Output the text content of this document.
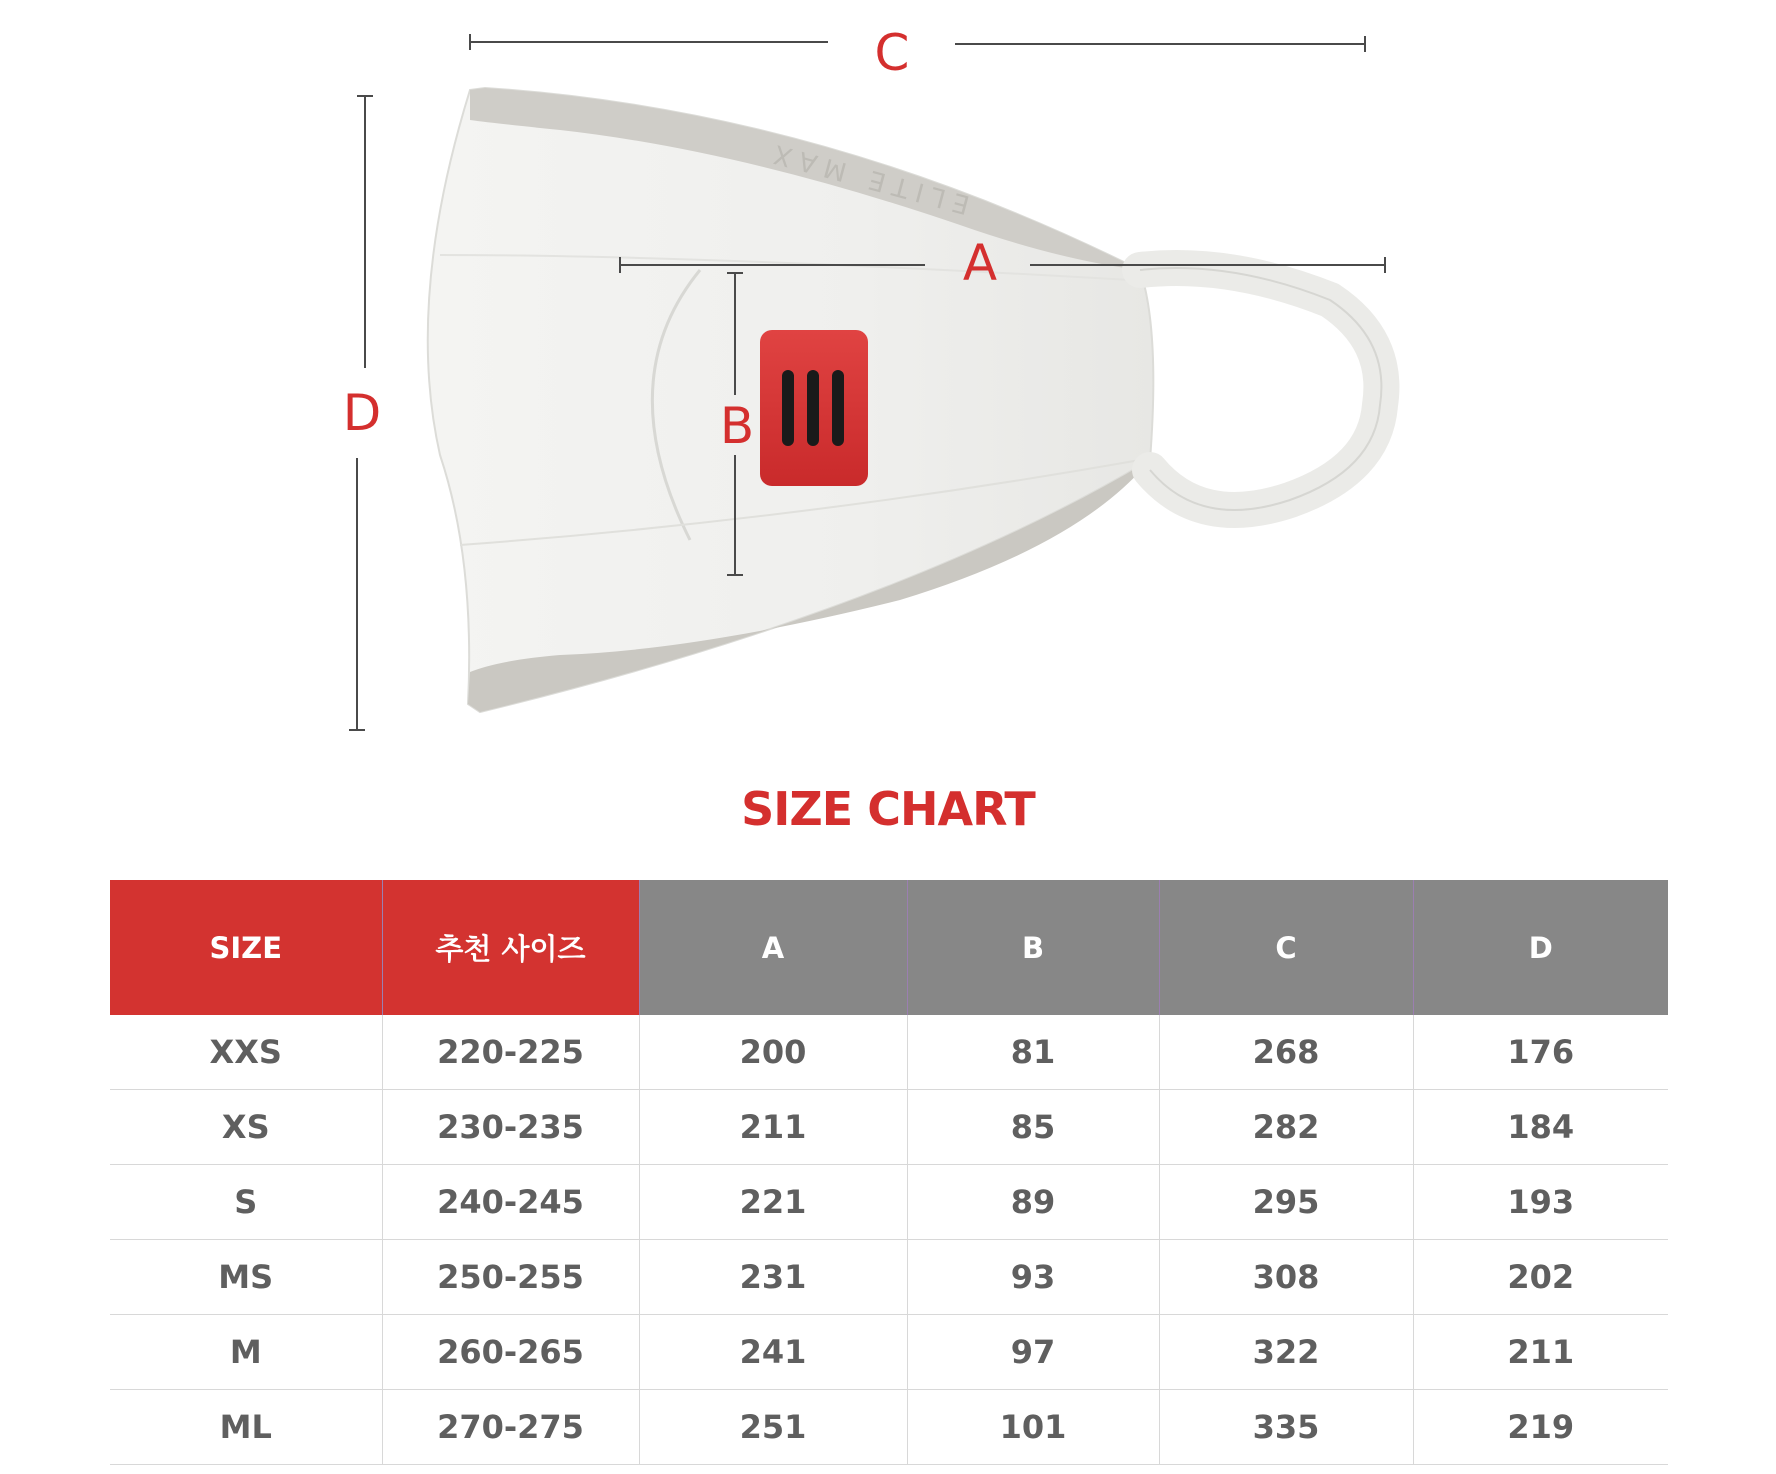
C
A
B
D
ELITE MAX
SIZE CHART
SIZE	추천 사이즈	A	B	C	D
XXS	220-225	200	81	268	176
XS	230-235	211	85	282	184
S	240-245	221	89	295	193
MS	250-255	231	93	308	202
M	260-265	241	97	322	211
ML	270-275	251	101	335	219
